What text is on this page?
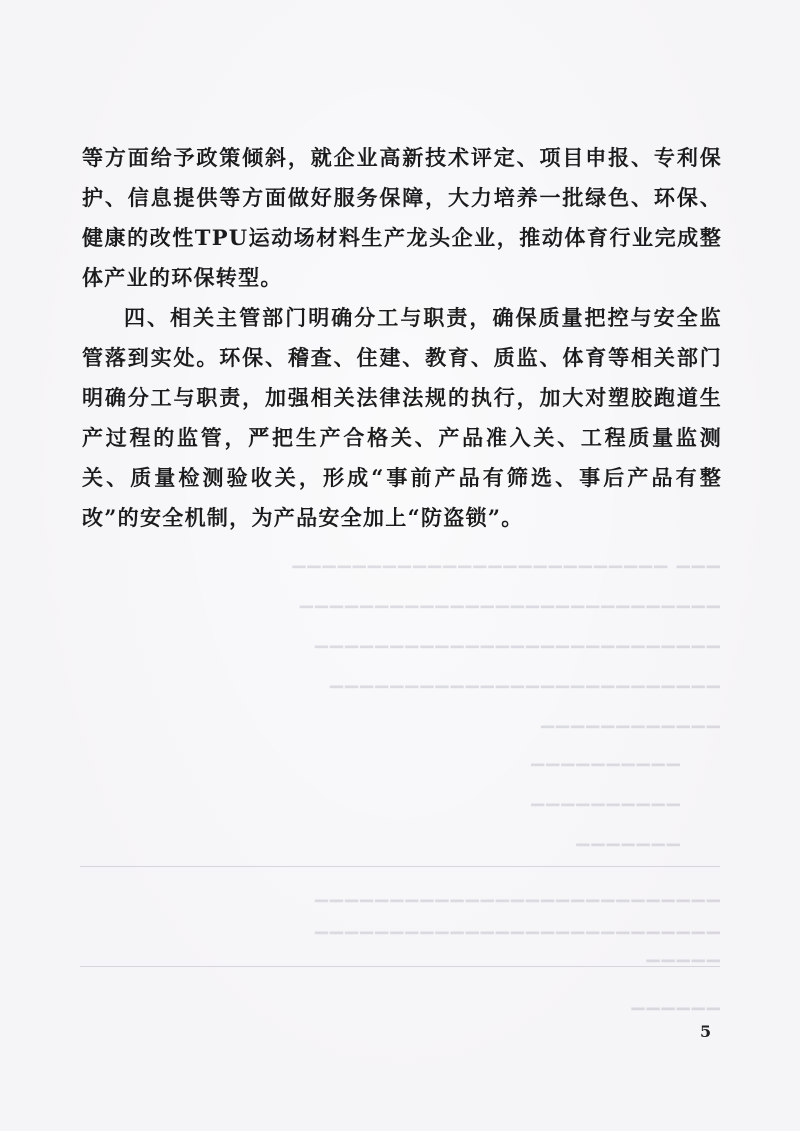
▁▁▁ ▁▁▁▁▁▁▁▁▁▁▁▁▁▁▁▁▁▁▁▁▁▁▁▁▁
▁▁▁▁▁▁▁▁▁▁▁▁▁▁▁▁▁▁▁▁▁▁▁▁▁▁▁▁
▁▁▁▁▁▁▁▁▁▁▁▁▁▁▁▁▁▁▁▁▁▁▁▁▁▁▁
▁▁▁▁▁▁▁▁▁▁▁▁▁▁▁▁▁▁▁▁▁▁▁▁▁▁
▁▁▁▁▁▁▁▁▁▁▁▁
▁▁▁▁▁▁▁▁▁▁
▁▁▁▁▁▁▁▁▁▁
▁▁▁▁▁▁▁
▁▁▁▁▁▁▁▁▁▁▁▁▁▁▁▁▁▁▁▁▁▁▁▁▁▁▁
▁▁▁▁▁▁▁▁▁▁▁▁▁▁▁▁▁▁▁▁▁▁▁▁▁▁▁
▁▁▁▁▁
▁▁▁▁▁▁

等方面给予政策倾斜，就企业高新技术评定、项目申报、专利保护、信息提供等方面做好服务保障，大力培养一批绿色、环保、健康的改性TPU运动场材料生产龙头企业，推动体育行业完成整体产业的环保转型。

四、相关主管部门明确分工与职责，确保质量把控与安全监管落到实处。环保、稽查、住建、教育、质监、体育等相关部门明确分工与职责，加强相关法律法规的执行，加大对塑胶跑道生产过程的监管，严把生产合格关、产品准入关、工程质量监测关、质量检测验收关，形成“事前产品有筛选、事后产品有整改”的安全机制，为产品安全加上“防盗锁”。

5
